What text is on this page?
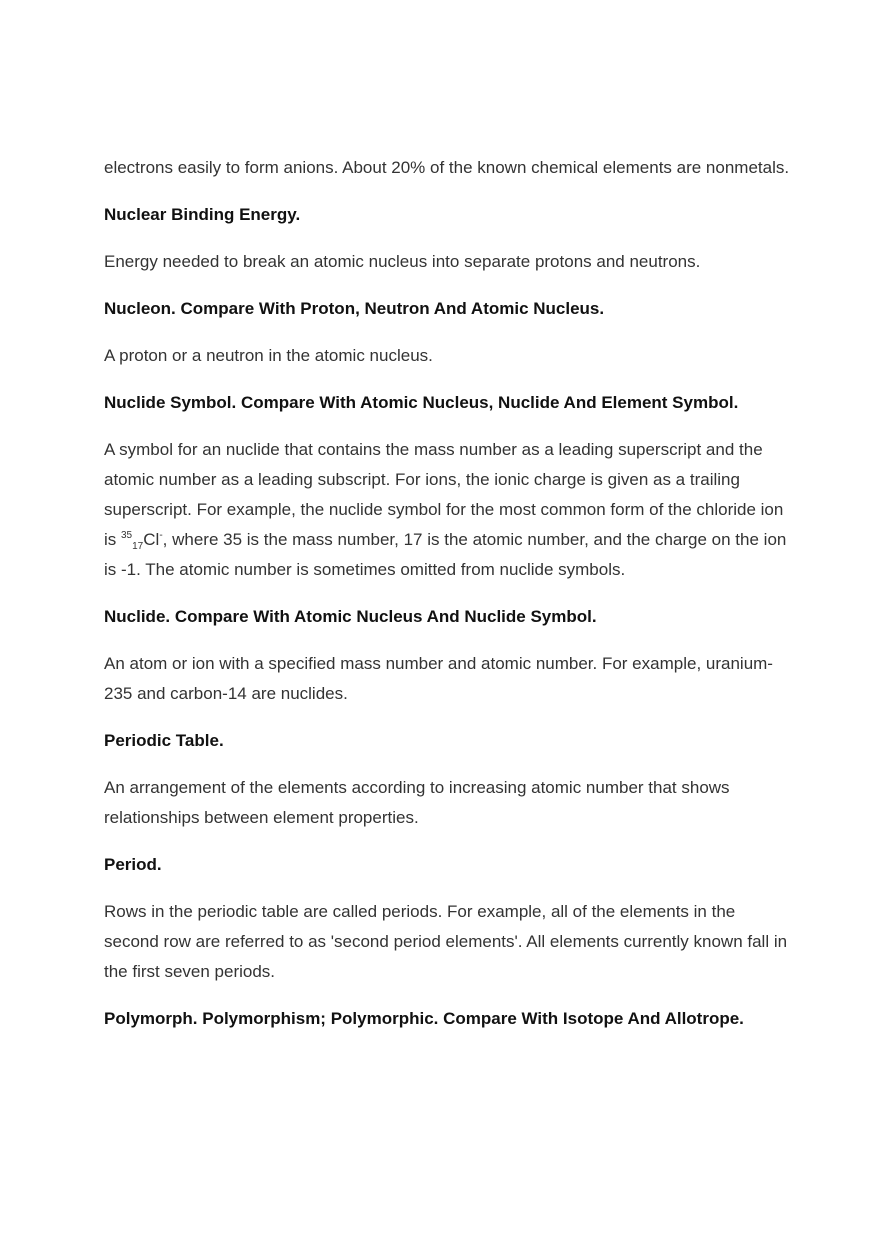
electrons easily to form anions. About 20% of the known chemical elements are nonmetals.

Nuclear Binding Energy.

Energy needed to break an atomic nucleus into separate protons and neutrons.

Nucleon. Compare With Proton, Neutron And Atomic Nucleus.

A proton or a neutron in the atomic nucleus.

Nuclide Symbol. Compare With Atomic Nucleus, Nuclide And Element Symbol.

A symbol for an nuclide that contains the mass number as a leading superscript and the atomic number as a leading subscript. For ions, the ionic charge is given as a trailing superscript. For example, the nuclide symbol for the most common form of the chloride ion is $^{35}_{17}$Cl-, where 35 is the mass number, 17 is the atomic number, and the charge on the ion is -1. The atomic number is sometimes omitted from nuclide symbols.

Nuclide. Compare With Atomic Nucleus And Nuclide Symbol.

An atom or ion with a specified mass number and atomic number. For example, uranium-235 and carbon-14 are nuclides.

Periodic Table.

An arrangement of the elements according to increasing atomic number that shows relationships between element properties.

Period.

Rows in the periodic table are called periods. For example, all of the elements in the second row are referred to as 'second period elements'. All elements currently known fall in the first seven periods.

Polymorph. Polymorphism; Polymorphic. Compare With Isotope And Allotrope.
